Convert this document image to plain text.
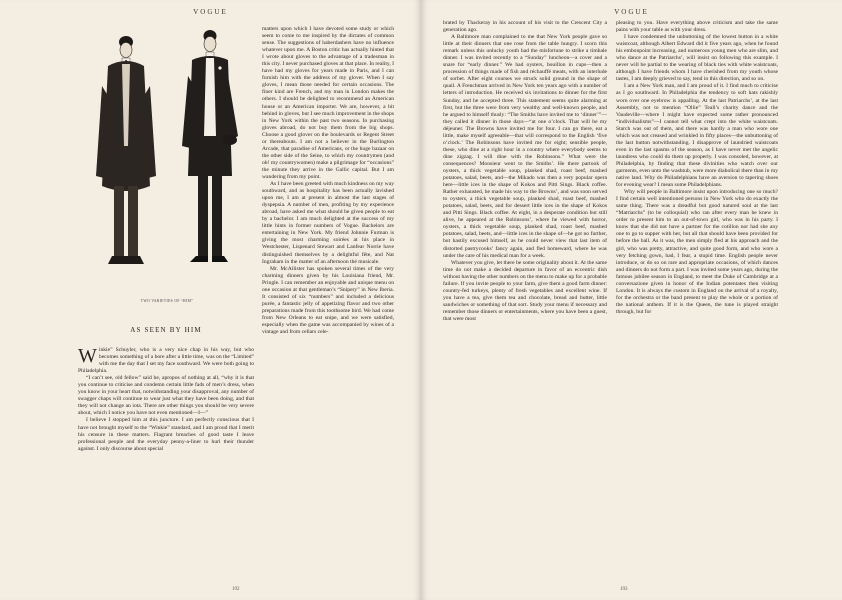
VOGUE
TWO VARIETIES OF “HIM”
AS SEEN BY HIM

W inkie” Schuyler, who is a very nice chap in his way, but who becomes something of a bore after a little time, was on the “Limited” with me the day that I set my face southward. We were both going to Philadelphia.

“I can’t see, old fellow” said he, apropos of nothing at all, “why it is that you continue to criticise and condemn certain little fads of men’s dress, when you know in your heart that, notwithstanding your disapproval, any number of swagger chaps will continue to wear just what they have been doing, and that they will not change an iota. There are other things you should be very severe about, which I notice you have not even mentioned—I—”

I believe I stopped him at this juncture. I am perfectly conscious that I have not brought myself to the “Winkie” standard, and I am proud that I merit his censure in these matters. Flagrant breaches of good taste I leave professional people and the everyday penny-a-liner to hurl their thunder against. I only discourse about special

matters upon which I have devoted some study or which seem to come to me inspired by the dictates of common sense. The suggestions of haberdashers have no influence whatever upon me. A Boston critic has actually hinted that I wrote about gloves to the advantage of a tradesman in this city. I never purchased gloves at that place. In reality, I have had my gloves for years made in Paris, and I can furnish him with the address of my glover. When I say gloves, I mean those needed for certain occasions. The finer kind are French, and my man in London makes the others. I should be delighted to recommend an American house or an American importer. We are, however, a bit behind in gloves, but I see much improvement in the shops in New York within the past two seasons. In purchasing gloves abroad, do not buy them from the big shops. Choose a good glover on the boulevards or Regent Street or thereabouts. I am not a believer in the Burlington Arcade, that paradise of Americans, or the huge bazaar on the other side of the Seine, to which my countrymen (and oh! my countrywomen) make a pilgrimage for “occasions” the minute they arrive in the Gallic capital. But I am wandering from my point.

As I have been greeted with much kindness on my way southward, and as hospitality has been actually lavished upon me, I am at present in almost the last stages of dyspepsia. A number of men, profiting by my experience abroad, have asked me what should be given people to eat by a bachelor. I am much delighted at the success of my little hints in former numbers of Vogue. Bachelors are entertaining in New York. My friend Johnnie Furman is giving the most charming soirées at his place in Westchester, Lispenard Stewart and Lanfear Norrie have distinguished themselves by a delightful fête, and Nat Ingraham in the matter of an afternoon thé musicale.

Mr. McAllister has spoken several times of the very charming dinners given by his Louisiana friend, Mr. Pringle. I can remember an enjoyable and unique menu on one occasion at that gentleman’s “Snipery” in New Iberia. It consisted of six “numbers” and included a delicious purée, a fantastic jelly of appetizing flavor and two other preparations made from this toothsome bird. We had come from New Orleans to eat snipe, and we were satisfied, especially when the game was accompanied by wines of a vintage and from cellars cele-

192
VOGUE

brated by Thackeray in his account of his visit to the Crescent City a generation ago.

A Baltimore man complained to me that New York people gave so little at their dinners that one rose from the table hungry. I scorn this remark unless this unlucky youth had the misfortune to strike a timbale dinner. I was invited recently to a “Sunday” luncheon—a cover and a snare for “early dinner.” We had oysters, bouillon in cups—then a procession of things made of fish and réchauffé meats, with an interlude of sorbet. After eight courses we struck solid ground in the shape of quail. A Frenchman arrived in New York ten years ago with a number of letters of introduction. He received six invitations to dinner for the first Sunday, and he accepted three. This statement seems quite alarming at first, but the three were from very wealthy and well-known people, and he argued to himself thusly: “The Smiths have invited me to ‘dinner’”—they called it dinner in those days—“at one o’clock. That will be my déjeuner. The Browns have invited me for four. I can go there, eat a little, make myself agreeable—that will correspond to the English ‘five o’clock.’ The Robinsons have invited me for eight; sensible people, these, who dine at a right hour in a country where everybody seems to dine zigzag. I will dine with the Robinsons.” What were the consequences? Monsieur went to the Smiths’. He there partook of oysters, a thick vegetable soup, planked shad, roast beef, mashed potatoes, salad, beets, and—the Mikado was then a very popular opera here—little ices in the shape of Kokos and Pitti Sings. Black coffee. Rather exhausted, he made his way to the Browns’, and was soon served to oysters, a thick vegetable soup, planked shad, roast beef, mashed potatoes, salad, beets, and for dessert little ices in the shape of Kokos and Pitti Sings. Black coffee. At eight, in a desperate condition but still alive, he appeared at the Robinsons’, where he viewed with horror, oysters, a thick vegetable soup, planked shad, roast beef, mashed potatoes, salad, beets, and—little ices in the shape of—he got no further, but hastily excused himself, as he could never view that last item of distorted pastrycooks’ fancy again, and fled homeward, where he was under the care of his medical man for a week.

Whatever you give, let there be some originality about it. At the same time do not make a decided departure in favor of an eccentric dish without having the other numbers on the menu to make up for a probable failure. If you invite people to your farm, give them a good farm dinner: country-fed turkeys, plenty of fresh vegetables and excellent wine. If you have a tea, give them tea and chocolate, bread and butter, little sandwiches or something of that sort. Study your menu if necessary and remember those dinners or entertainments, where you have been a guest, that were most

pleasing to you. Have everything above criticism and take the same pains with your table as with your dress.

I have condemned the unbuttoning of the lowest button in a white waistcoat, although Albert Edward did it five years ago, when he found his embonpoint increasing, and numerous young men who are slim, and who dance at the Patriarchs’, will insist on following this example. I never will be partial to the wearing of black ties with white waistcoats, although I have friends whom I have cherished from my youth whose tastes, I am deeply grieved to say, tend in this direction, and so on.

I am a New York man, and I am proud of it. I find much to criticise as I go southward. In Philadelphia the tendency to soft hats rakishly worn over one eyebrow is appalling. At the last Patriarchs’, at the last Assembly, not to mention “Ollie” Teall’s charity dance and the Vaudeville—where I might have expected some rather pronounced “individualisms”—I cannot tell what crept into the white waistcoats. Starch was out of them, and there was hardly a man who wore one which was not creased and wrinkled in fifty places—the unbuttoning of the last button notwithstanding. I disapprove of laundried waistcoats even in the last spasms of the season, as I have never met the angelic laundress who could do them up properly. I was consoled, however, at Philadelphia, by finding that these divinities who watch over our garments, even unto the washtub, were more diabolical there than in my native land. Why do Philadelphians have an aversion to tapering shoes for evening wear? I mean some Philadelphians.

Why will people in Baltimore insist upon introducing one so much? I find certain well intentioned persons in New York who do exactly the same thing. There was a dreadful but good natured soul at the last “Matriarchs” (to be colloquial) who ran after every man he knew in order to present him to an out-of-town girl, who was in his party. I know that she did not have a partner for the cotillon nor had she any one to go to supper with her, but all that should have been provided for before the ball. As it was, the men simply fled at his approach and the girl, who was pretty, attractive, and quite good form, and who wore a very fetching gown, had, I fear, a stupid time. English people never introduce, or do so on rare and appropriate occasions, of which dances and dinners do not form a part. I was invited some years ago, during the famous jubilee season in England, to meet the Duke of Cambridge at a conversazione given in honor of the Indian potentates then visiting London. It is always the custom in England on the arrival of a royalty, for the orchestra or the band present to play the whole or a portion of the national anthem. If it is the Queen, the tune is played straight through, but for

193
